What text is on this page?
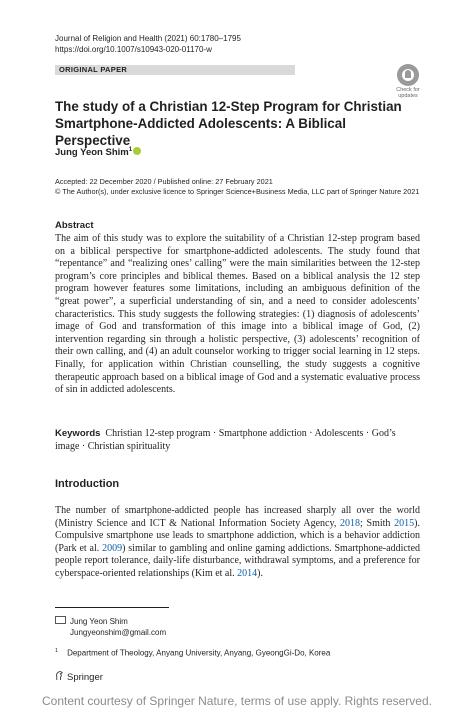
Journal of Religion and Health (2021) 60:1780–1795
https://doi.org/10.1007/s10943-020-01170-w
ORIGINAL PAPER
Check for
updates
The study of a Christian 12-Step Program for Christian
Smartphone-Addicted Adolescents: A Biblical Perspective
Jung Yeon Shim$^1$
Accepted: 22 December 2020 / Published online: 27 February 2021
© The Author(s), under exclusive licence to Springer Science+Business Media, LLC part of Springer Nature 2021
Abstract
The aim of this study was to explore the suitability of a Christian 12-step program based on a biblical perspective for smartphone-addicted adolescents. The study found that “repentance” and “realizing ones’ calling” were the main similarities between the 12-step program’s core principles and biblical themes. Based on a biblical analysis the 12 step program however features some limitations, including an ambiguous definition of the “great power”, a superficial understanding of sin, and a need to consider adolescents’ characteristics. This study suggests the following strategies: (1) diagnosis of adolescents’ image of God and transformation of this image into a biblical image of God, (2) intervention regarding sin through a holistic perspective, (3) adolescents’ recognition of their own calling, and (4) an adult counselor working to trigger social learning in 12 steps. Finally, for application within Christian counselling, the study suggests a cognitive therapeutic approach based on a biblical image of God and a systematic evaluative process of sin in addicted adolescents.
Keywords Christian 12-step program · Smartphone addiction · Adolescents · God’s image · Christian spirituality
Introduction
The number of smartphone-addicted people has increased sharply all over the world (Ministry Science and ICT & National Information Society Agency, 2018; Smith 2015). Compulsive smartphone use leads to smartphone addiction, which is a behavior addiction (Park et al. 2009) similar to gambling and online gaming addictions. Smartphone-addicted people report tolerance, daily-life disturbance, withdrawal symptoms, and a preference for cyberspace-oriented relationships (Kim et al. 2014).
Jung Yeon Shim
Jungyeonshim@gmail.com
$^1$ Department of Theology, Anyang University, Anyang, GyeongGi-Do, Korea
Springer
Content courtesy of Springer Nature, terms of use apply. Rights reserved.
